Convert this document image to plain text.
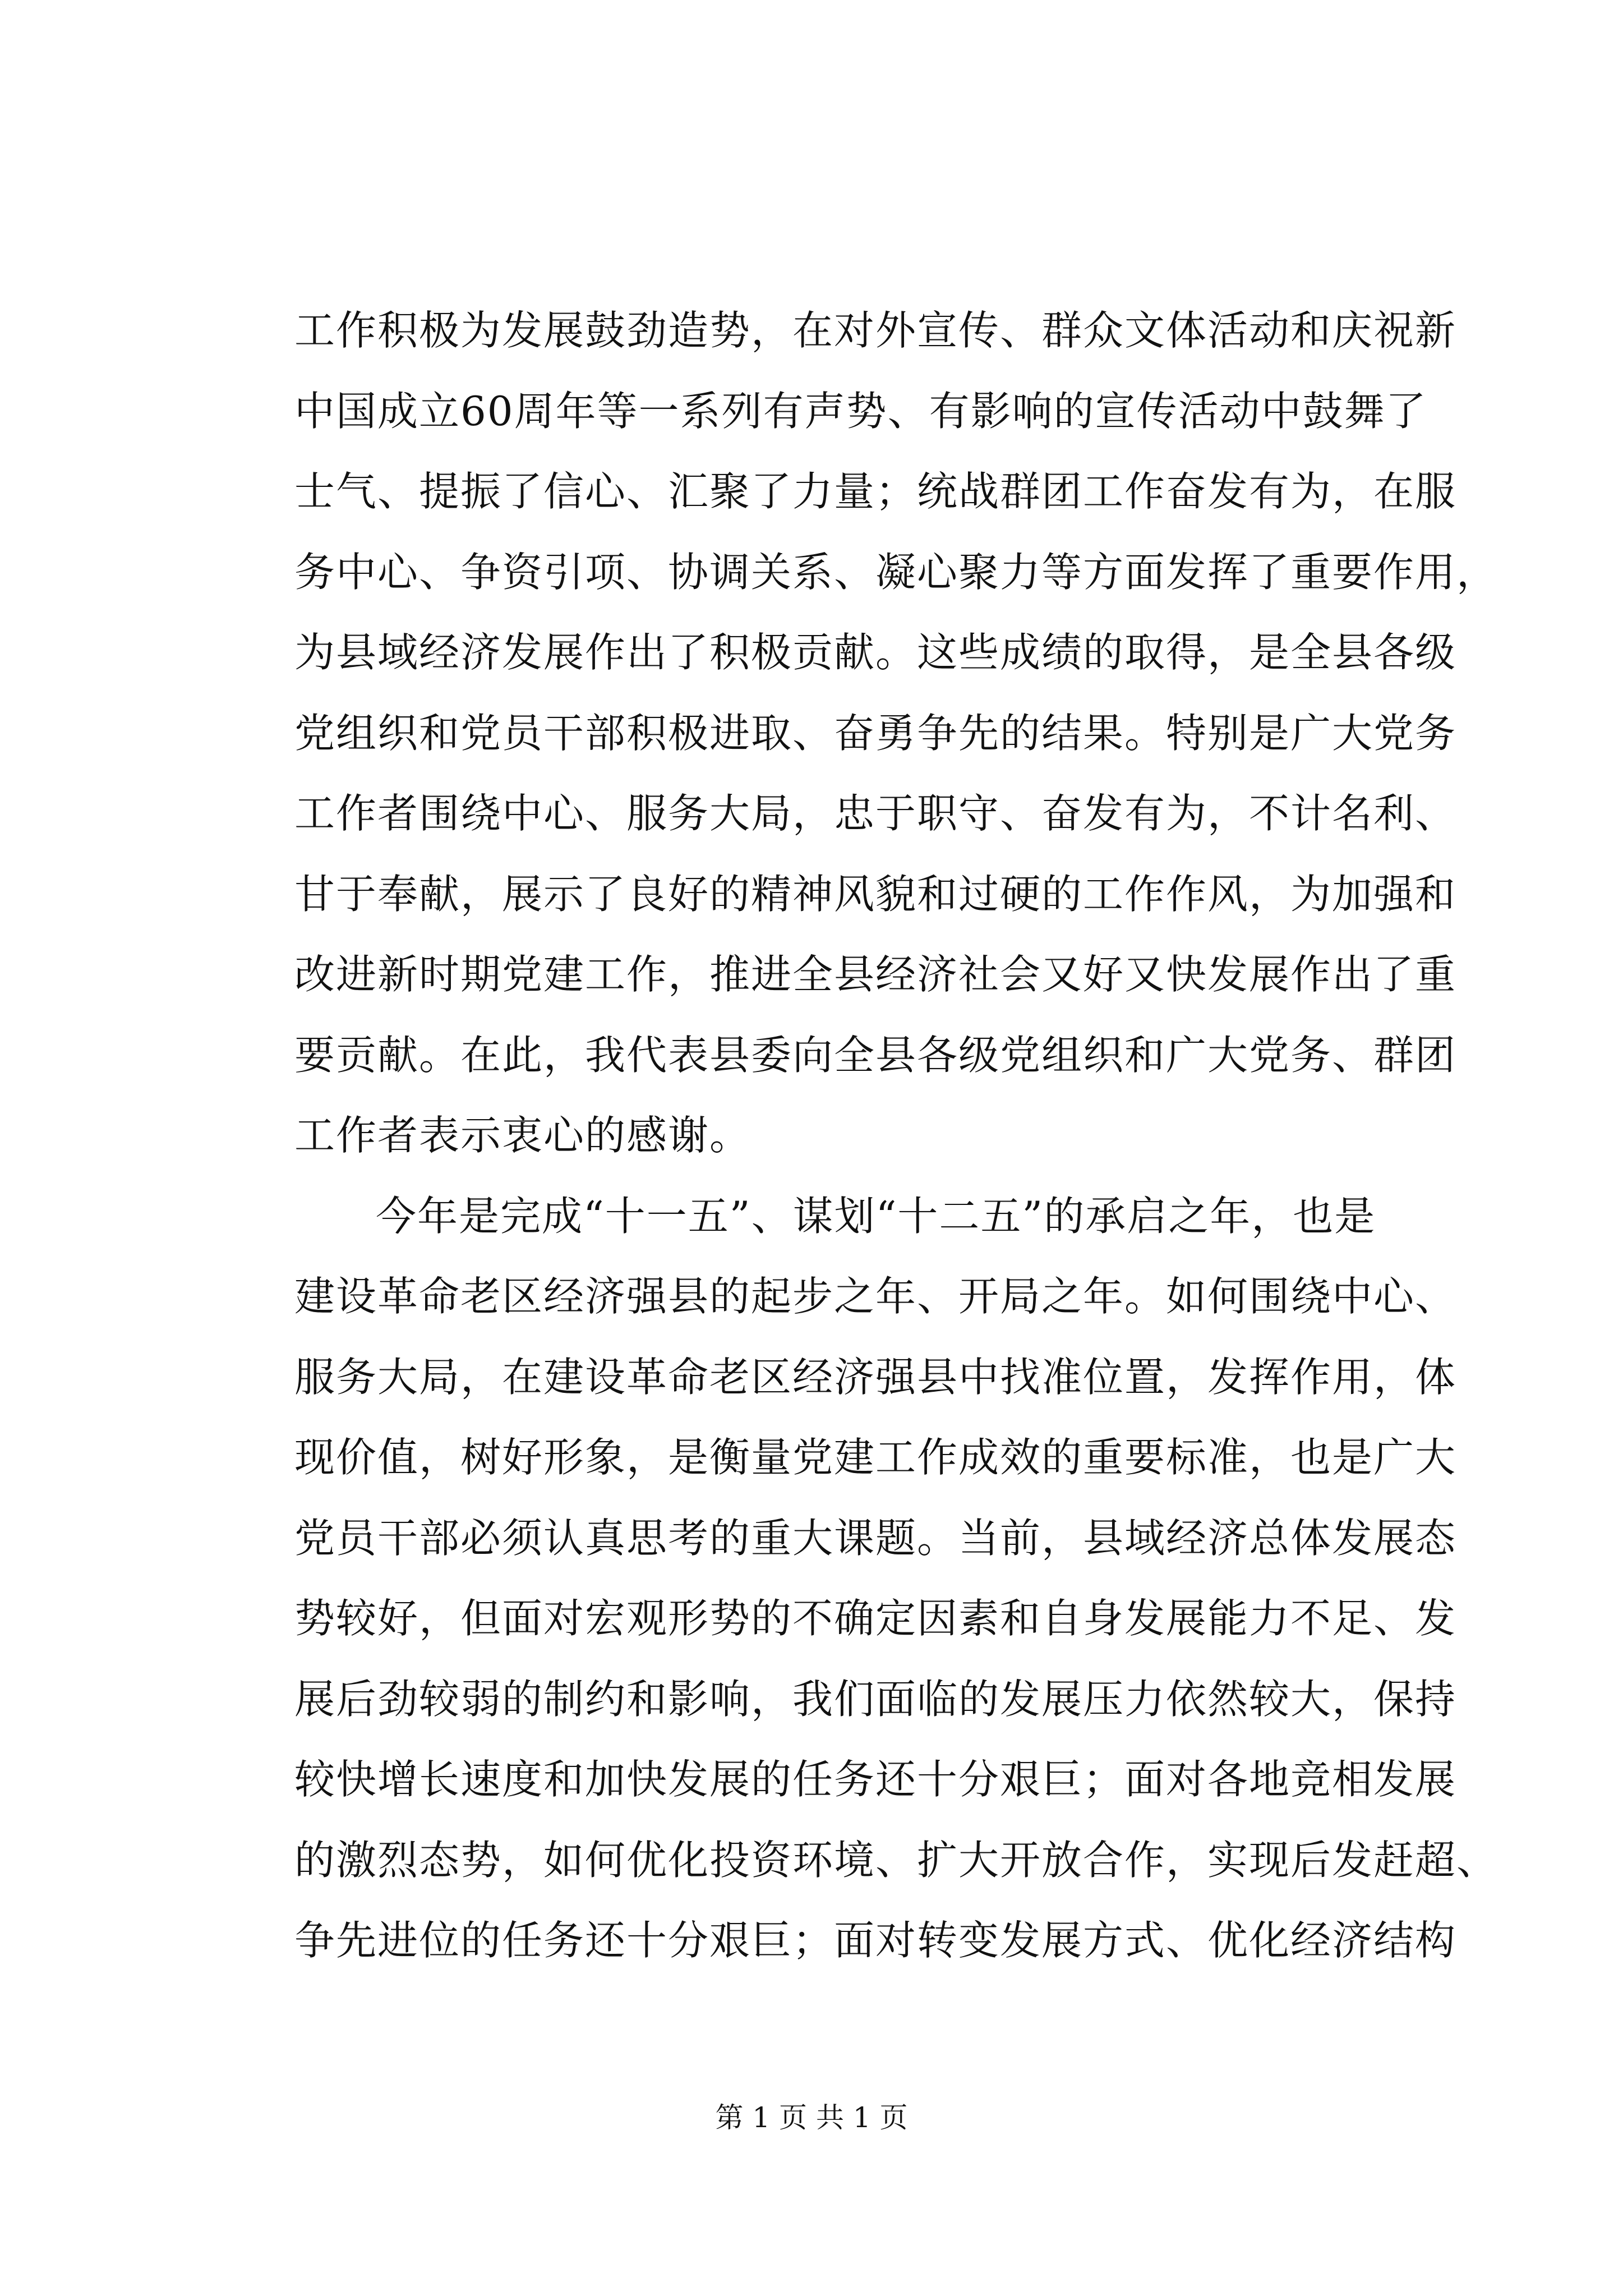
工作积极为发展鼓劲造势，在对外宣传、群众文体活动和庆祝新
中国成立60周年等一系列有声势、有影响的宣传活动中鼓舞了
士气、提振了信心、汇聚了力量；统战群团工作奋发有为，在服
务中心、争资引项、协调关系、凝心聚力等方面发挥了重要作用，
为县域经济发展作出了积极贡献。这些成绩的取得，是全县各级
党组织和党员干部积极进取、奋勇争先的结果。特别是广大党务
工作者围绕中心、服务大局，忠于职守、奋发有为，不计名利、
甘于奉献，展示了良好的精神风貌和过硬的工作作风，为加强和
改进新时期党建工作，推进全县经济社会又好又快发展作出了重
要贡献。在此，我代表县委向全县各级党组织和广大党务、群团
工作者表示衷心的感谢。
今年是完成“十一五”、谋划“十二五”的承启之年，也是
建设革命老区经济强县的起步之年、开局之年。如何围绕中心、
服务大局，在建设革命老区经济强县中找准位置，发挥作用，体
现价值，树好形象，是衡量党建工作成效的重要标准，也是广大
党员干部必须认真思考的重大课题。当前，县域经济总体发展态
势较好，但面对宏观形势的不确定因素和自身发展能力不足、发
展后劲较弱的制约和影响，我们面临的发展压力依然较大，保持
较快增长速度和加快发展的任务还十分艰巨；面对各地竞相发展
的激烈态势，如何优化投资环境、扩大开放合作，实现后发赶超、
争先进位的任务还十分艰巨；面对转变发展方式、优化经济结构
第 1 页 共 1 页
